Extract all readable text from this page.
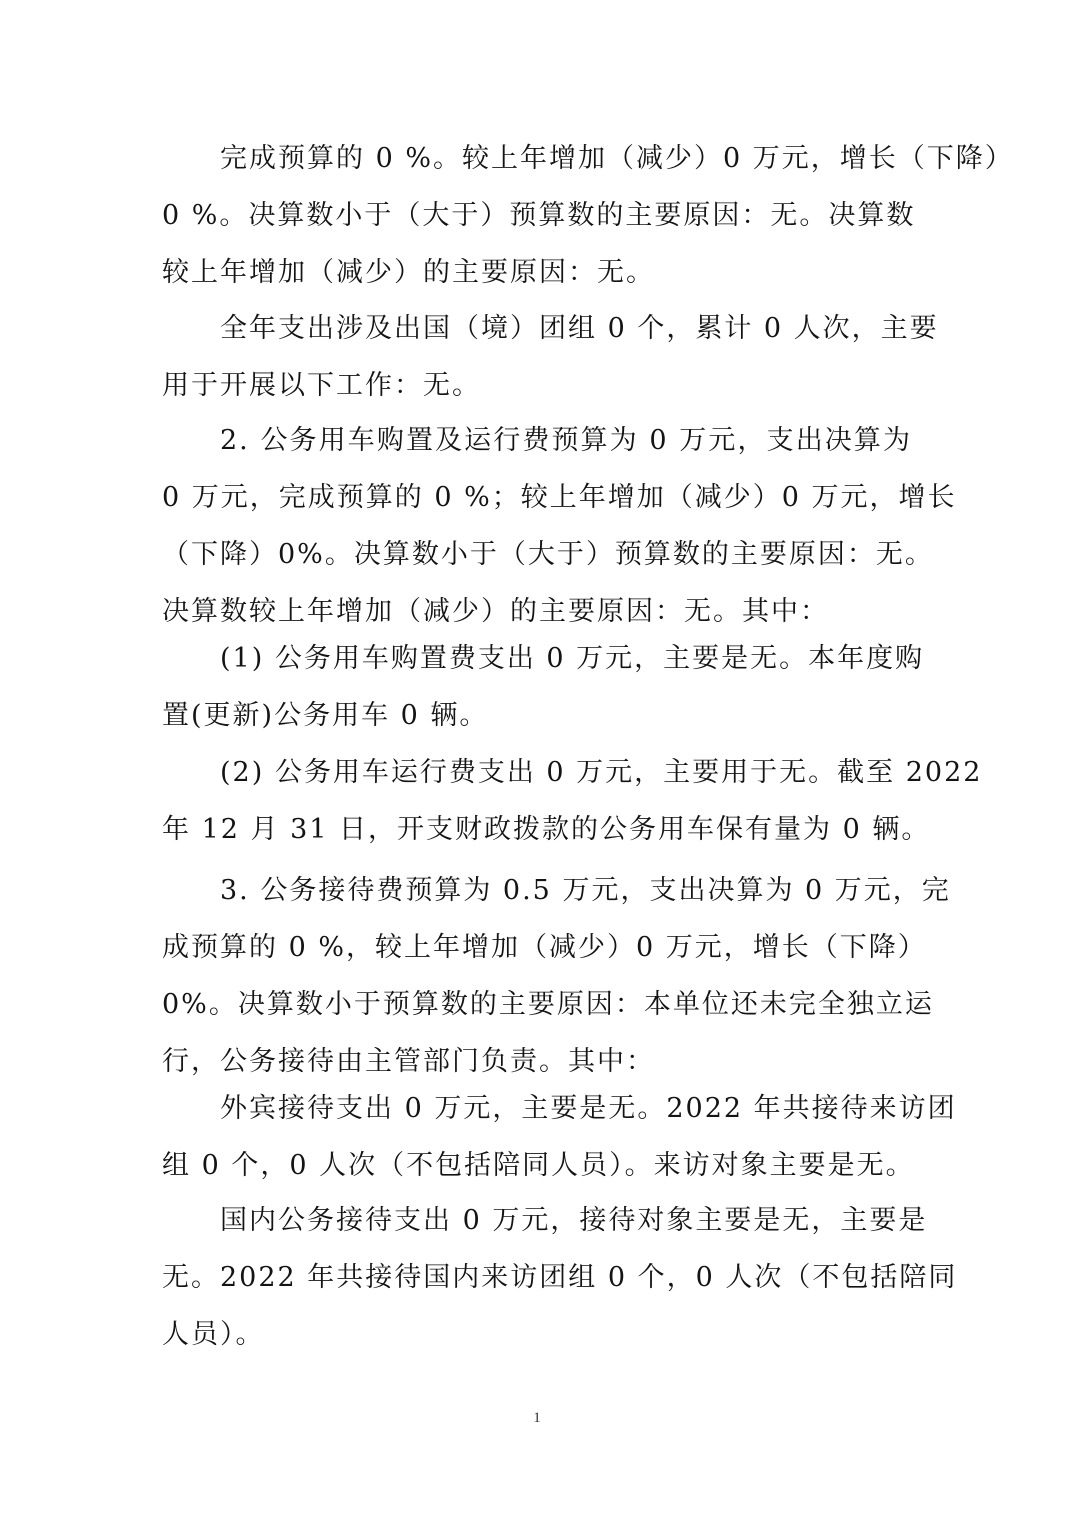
完成预算的 0 %。较上年增加（减少）0 万元，增长（下降）
0 %。决算数小于（大于）预算数的主要原因：无。决算数
较上年增加（减少）的主要原因：无。
全年支出涉及出国（境）团组 0 个，累计 0 人次，主要
用于开展以下工作：无。
2. 公务用车购置及运行费预算为 0 万元，支出决算为
0 万元，完成预算的 0 %；较上年增加（减少）0 万元，增长
（下降）0%。决算数小于（大于）预算数的主要原因：无。
决算数较上年增加（减少）的主要原因：无。其中：
(1) 公务用车购置费支出 0 万元，主要是无。本年度购
置(更新)公务用车 0 辆。
(2) 公务用车运行费支出 0 万元，主要用于无。截至 2022
年 12 月 31 日，开支财政拨款的公务用车保有量为 0 辆。
3. 公务接待费预算为 0.5 万元，支出决算为 0 万元，完
成预算的 0 %，较上年增加（减少）0 万元，增长（下降）
0%。决算数小于预算数的主要原因：本单位还未完全独立运
行，公务接待由主管部门负责。其中：
外宾接待支出 0 万元，主要是无。2022 年共接待来访团
组 0 个，0 人次（不包括陪同人员）。来访对象主要是无。
国内公务接待支出 0 万元，接待对象主要是无，主要是
无。2022 年共接待国内来访团组 0 个，0 人次（不包括陪同
人员）。
1
